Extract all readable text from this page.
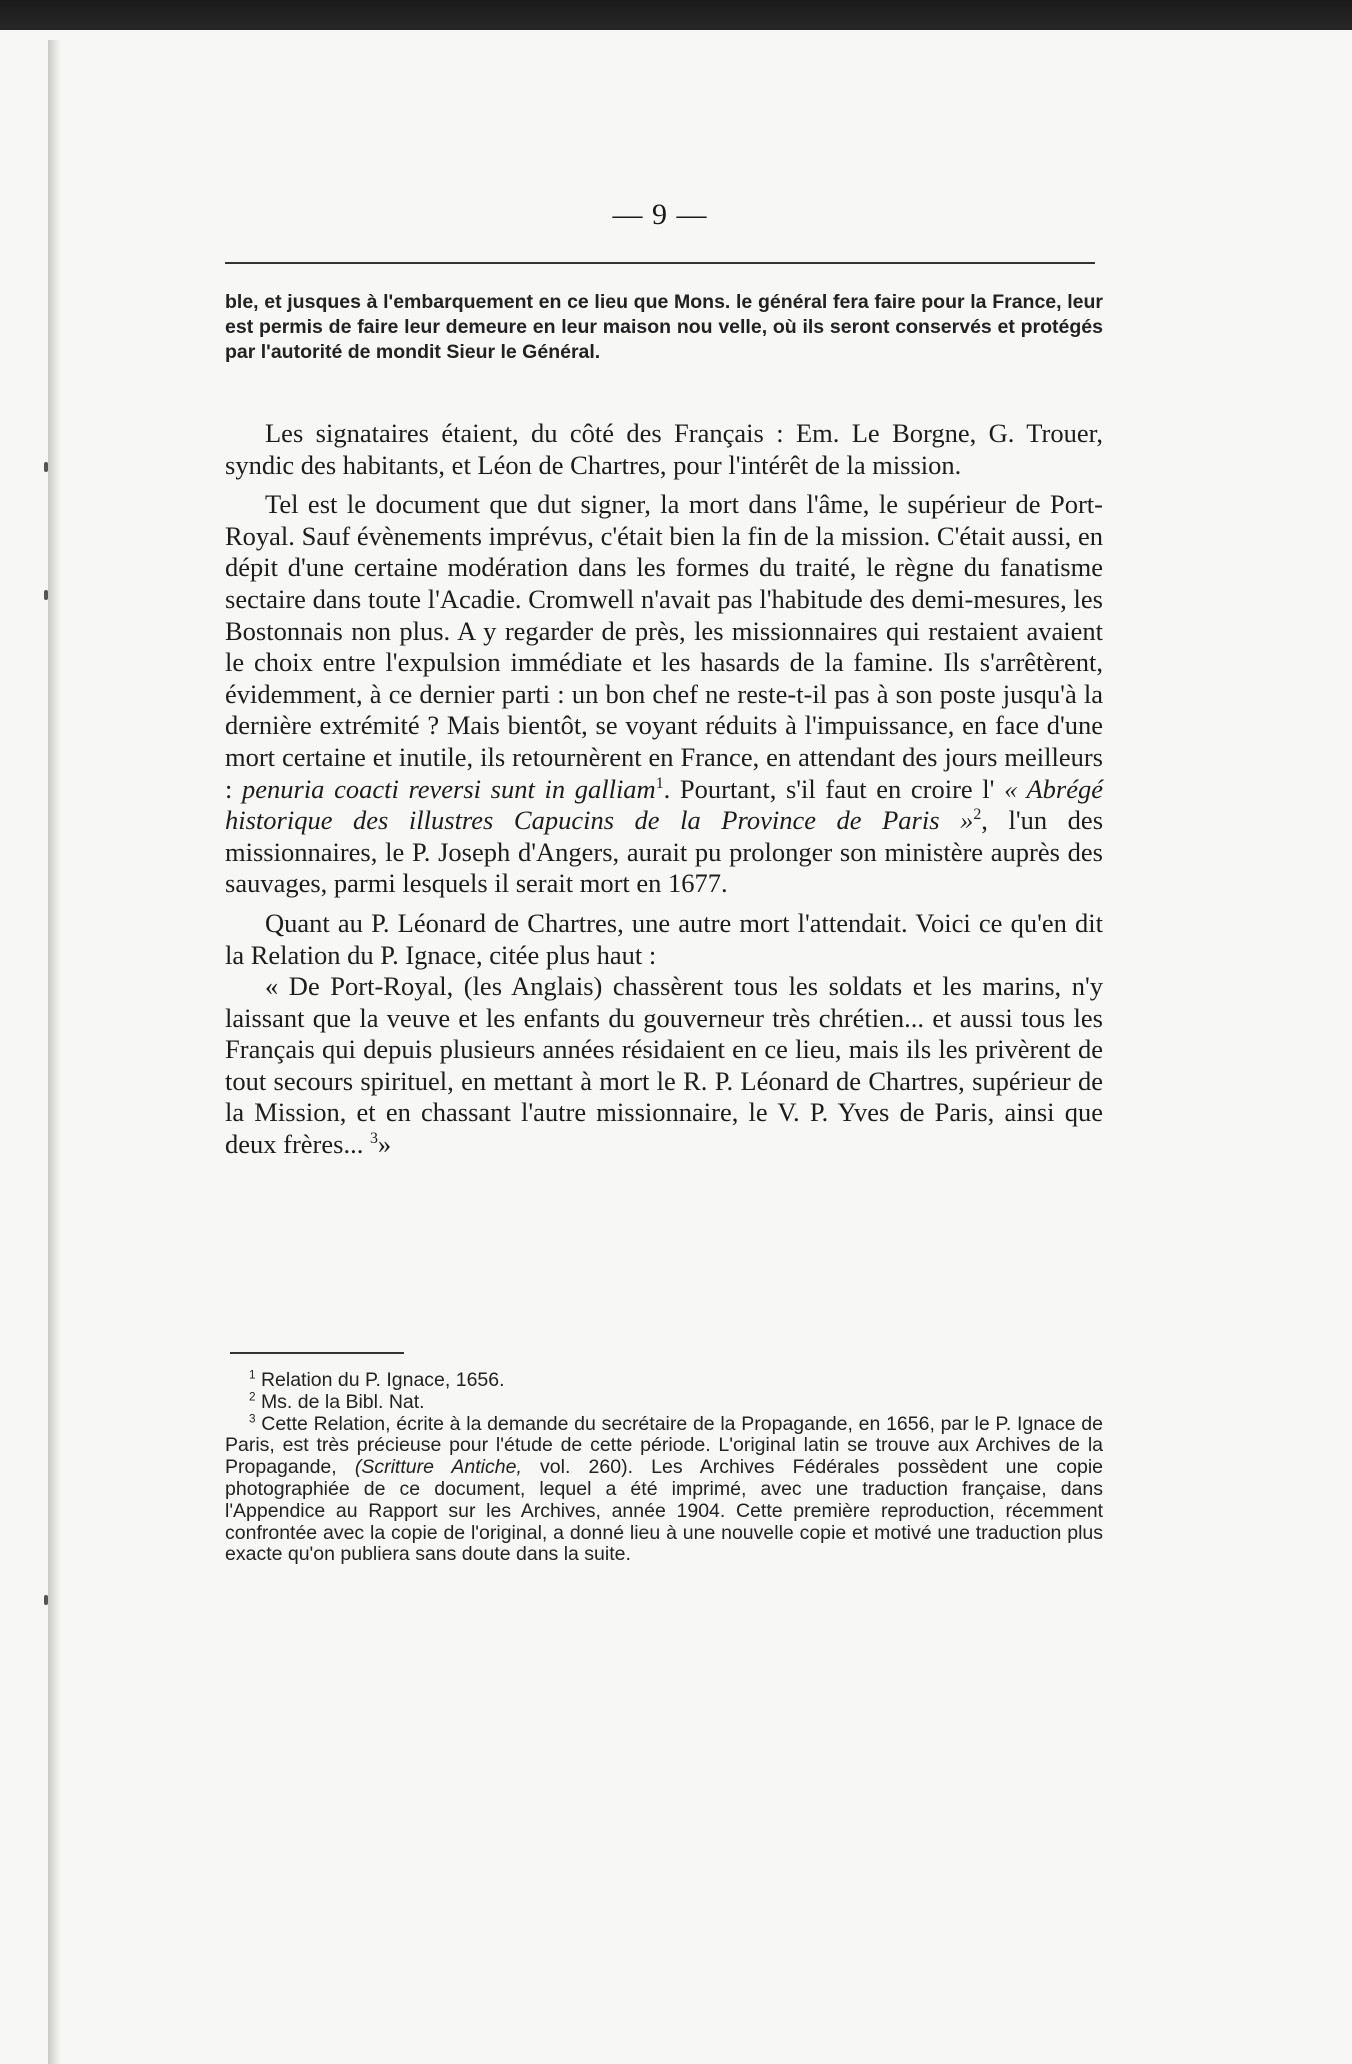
— 9 —
ble, et jusques à l'embarquement en ce lieu que Mons. le général fera faire pour la France, leur est permis de faire leur demeure en leur maison nou velle, où ils seront conservés et protégés par l'autorité de mondit Sieur le Général.

Les signataires étaient, du côté des Français : Em. Le Borgne, G. Trouer, syndic des habitants, et Léon de Chartres, pour l'intérêt de la mission.

Tel est le document que dut signer, la mort dans l'âme, le supérieur de Port-Royal. Sauf évènements imprévus, c'était bien la fin de la mission. C'était aussi, en dépit d'une certaine modération dans les formes du traité, le règne du fanatisme sectaire dans toute l'Acadie. Cromwell n'avait pas l'habitude des demi-mesures, les Bostonnais non plus. A y regarder de près, les missionnaires qui restaient avaient le choix entre l'expulsion immédiate et les hasards de la famine. Ils s'arrêtèrent, évidemment, à ce dernier parti : un bon chef ne reste-t-il pas à son poste jusqu'à la dernière extrémité ? Mais bientôt, se voyant réduits à l'impuissance, en face d'une mort certaine et inutile, ils retournèrent en France, en attendant des jours meilleurs : penuria coacti reversi sunt in galliam$^1$. Pourtant, s'il faut en croire l' « Abrégé historique des illustres Capucins de la Province de Paris »$^2$, l'un des missionnaires, le P. Joseph d'Angers, aurait pu prolonger son ministère auprès des sauvages, parmi lesquels il serait mort en 1677.

Quant au P. Léonard de Chartres, une autre mort l'attendait. Voici ce qu'en dit la Relation du P. Ignace, citée plus haut :

« De Port-Royal, (les Anglais) chassèrent tous les soldats et les marins, n'y laissant que la veuve et les enfants du gouverneur très chrétien... et aussi tous les Français qui depuis plusieurs années résidaient en ce lieu, mais ils les privèrent de tout secours spirituel, en mettant à mort le R. P. Léonard de Chartres, supérieur de la Mission, et en chassant l'autre missionnaire, le V. P. Yves de Paris, ainsi que deux frères... $^3$»

$^1$ Relation du P. Ignace, 1656.

$^2$ Ms. de la Bibl. Nat.

$^3$ Cette Relation, écrite à la demande du secrétaire de la Propagande, en 1656, par le P. Ignace de Paris, est très précieuse pour l'étude de cette période. L'original latin se trouve aux Archives de la Propagande, (Scritture Antiche, vol. 260). Les Archives Fédérales possèdent une copie photographiée de ce document, lequel a été imprimé, avec une traduction française, dans l'Appendice au Rapport sur les Archives, année 1904. Cette première reproduction, récemment confrontée avec la copie de l'original, a donné lieu à une nouvelle copie et motivé une traduction plus exacte qu'on publiera sans doute dans la suite.
